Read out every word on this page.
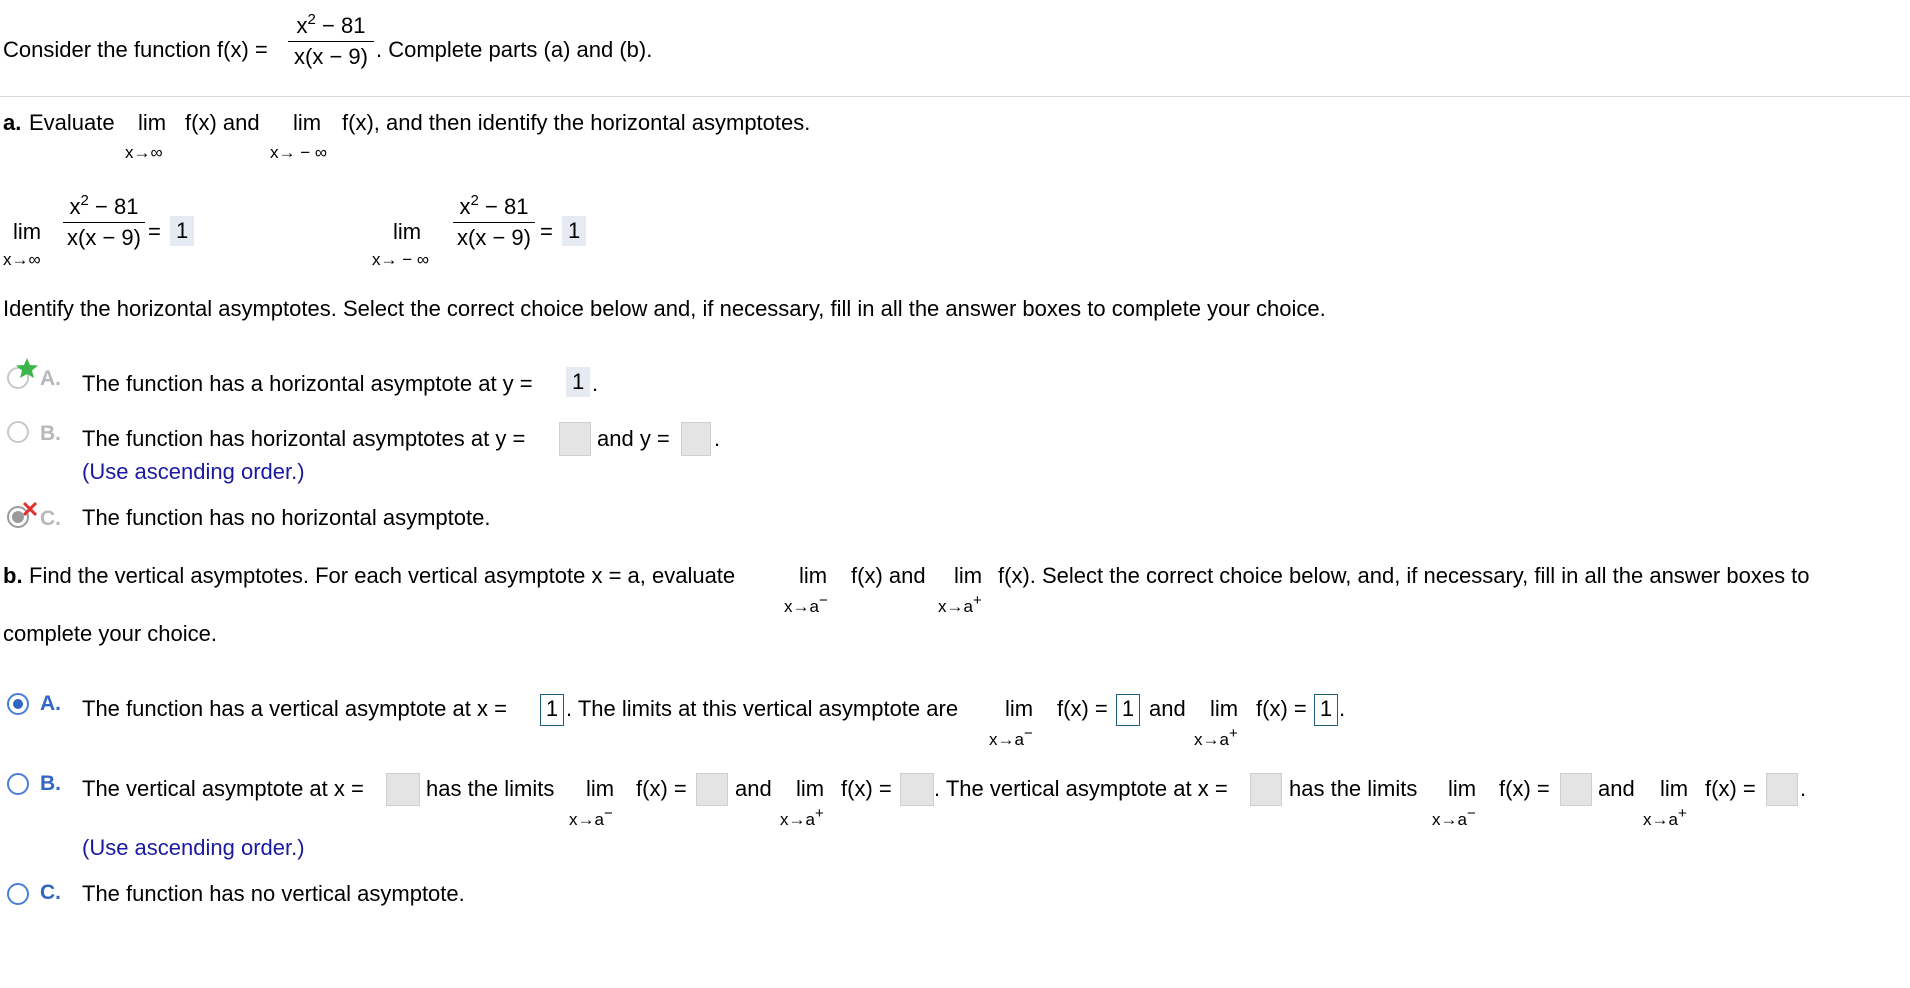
Consider the function f(x) =
$x^2 - 81$
x(x − 9) . Complete parts (a) and (b).
a. Evaluate lim
x→∞
f(x) and lim
x→ − ∞
f(x), and then identify the horizontal asymptotes.
lim
x→∞
$x^2 - 81$
x(x − 9) = 1	lim
x→ − ∞
$x^2 - 81$
x(x − 9) = 1
Identify the horizontal asymptotes. Select the correct choice below and, if necessary, fill in all the answer boxes to complete your choice.
A. The function has a horizontal asymptote at y = 1 .
B. The function has horizontal asymptotes at y =	and y = .
(Use ascending order.)
C. The function has no horizontal asymptote.
b. Find the vertical asymptotes. For each vertical asymptote x = a, evaluate	lim
x→a−
f(x) and lim
x→a+
f(x). Select the correct choice below, and, if necessary, fill in all the answer boxes to
complete your choice.
A. The function has a vertical asymptote at x = 1 . The limits at this vertical asymptote are lim
x→a−
f(x) = 1 and lim
x→a+
f(x) = 1 .
B. The vertical asymptote at x =	has the limits lim
x→a−
f(x) = and lim
x→a+
f(x) = . The vertical asymptote at x =	has the limits lim
x→a−
f(x) = and lim
x→a+
f(x) = .
(Use ascending order.)
C. The function has no vertical asymptote.
